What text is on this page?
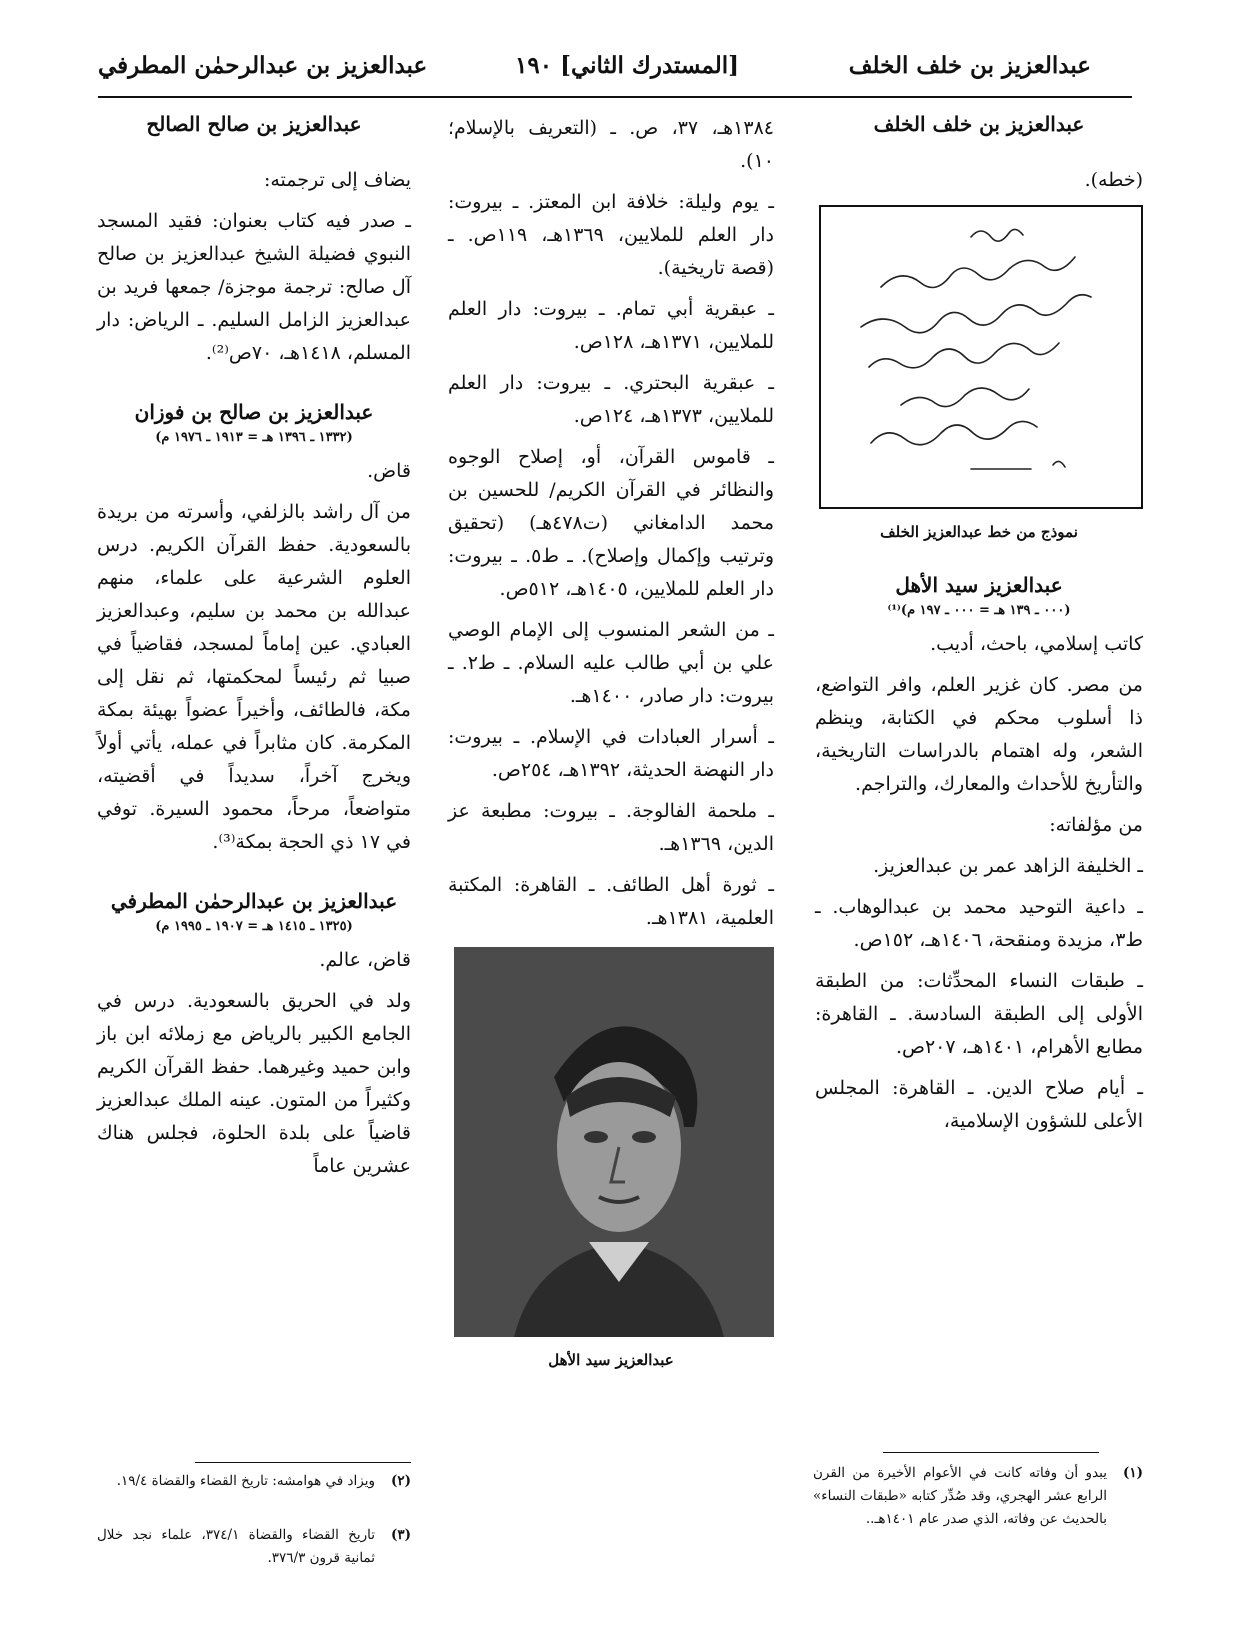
عبدالعزيز بن خلف الخلف
[المستدرك الثاني] ١٩٠
عبدالعزيز بن عبدالرحمٰن المطرفي
عبدالعزيز بن خلف الخلف
(خطه).
نموذج من خط عبدالعزيز الخلف
عبدالعزيز سيد الأهل
(٠٠٠ ـ ١٣٩ هـ = ٠٠٠ ـ ١٩٧ م)⁽¹⁾
كاتب إسلامي، باحث، أديب.
من مصر. كان غزير العلم، وافر التواضع، ذا أسلوب محكم في الكتابة، وينظم الشعر، وله اهتمام بالدراسات التاريخية، والتأريخ للأحداث والمعارك، والتراجم.
من مؤلفاته:
ـ الخليفة الزاهد عمر بن عبدالعزيز.
ـ داعية التوحيد محمد بن عبدالوهاب. ـ ط٣، مزيدة ومنقحة، ١٤٠٦هـ، ١٥٢ص.
ـ طبقات النساء المحدِّثات: من الطبقة الأولى إلى الطبقة السادسة. ـ القاهرة: مطابع الأهرام، ١٤٠١هـ، ٢٠٧ص.
ـ أيام صلاح الدين. ـ القاهرة: المجلس الأعلى للشؤون الإسلامية،
١٣٨٤هـ، ٣٧، ص. ـ (التعريف بالإسلام؛ ١٠).
ـ يوم وليلة: خلافة ابن المعتز. ـ بيروت: دار العلم للملايين، ١٣٦٩هـ، ١١٩ص. ـ (قصة تاريخية).
ـ عبقرية أبي تمام. ـ بيروت: دار العلم للملايين، ١٣٧١هـ، ١٢٨ص.
ـ عبقرية البحتري. ـ بيروت: دار العلم للملايين، ١٣٧٣هـ، ١٢٤ص.
ـ قاموس القرآن، أو، إصلاح الوجوه والنظائر في القرآن الكريم/ للحسين بن محمد الدامغاني (ت٤٧٨هـ) (تحقيق وترتيب وإكمال وإصلاح). ـ ط٥. ـ بيروت: دار العلم للملايين، ١٤٠٥هـ، ٥١٢ص.
ـ من الشعر المنسوب إلى الإمام الوصي علي بن أبي طالب عليه السلام. ـ ط٢. ـ بيروت: دار صادر، ١٤٠٠هـ.
ـ أسرار العبادات في الإسلام. ـ بيروت: دار النهضة الحديثة، ١٣٩٢هـ، ٢٥٤ص.
ـ ملحمة الفالوجة. ـ بيروت: مطبعة عز الدين، ١٣٦٩هـ.
ـ ثورة أهل الطائف. ـ القاهرة: المكتبة العلمية، ١٣٨١هـ.
عبدالعزيز سيد الأهل
عبدالعزيز بن صالح الصالح
يضاف إلى ترجمته:
ـ صدر فيه كتاب بعنوان: فقيد المسجد النبوي فضيلة الشيخ عبدالعزيز بن صالح آل صالح: ترجمة موجزة/ جمعها فريد بن عبدالعزيز الزامل السليم. ـ الرياض: دار المسلم، ١٤١٨هـ، ٧٠ص⁽²⁾.
عبدالعزيز بن صالح بن فوزان
(١٣٣٢ ـ ١٣٩٦ هـ = ١٩١٣ ـ ١٩٧٦ م)
قاض.
من آل راشد بالزلفي، وأسرته من بريدة بالسعودية. حفظ القرآن الكريم. درس العلوم الشرعية على علماء، منهم عبدالله بن محمد بن سليم، وعبدالعزيز العبادي. عين إماماً لمسجد، فقاضياً في صبيا ثم رئيساً لمحكمتها، ثم نقل إلى مكة، فالطائف، وأخيراً عضواً بهيئة بمكة المكرمة. كان مثابراً في عمله، يأتي أولاً ويخرج آخراً، سديداً في أقضيته، متواضعاً، مرحاً، محمود السيرة. توفي في ١٧ ذي الحجة بمكة⁽³⁾.
عبدالعزيز بن عبدالرحمٰن المطرفي
(١٣٢٥ ـ ١٤١٥ هـ = ١٩٠٧ ـ ١٩٩٥ م)
قاض، عالم.
ولد في الحريق بالسعودية. درس في الجامع الكبير بالرياض مع زملائه ابن باز وابن حميد وغيرهما. حفظ القرآن الكريم وكثيراً من المتون. عينه الملك عبدالعزيز قاضياً على بلدة الحلوة، فجلس هناك عشرين عاماً
(١)
يبدو أن وفاته كانت في الأعوام الأخيرة من القرن الرابع عشر الهجري، وقد صُدِّر كتابه «طبقات النساء» بالحديث عن وفاته، الذي صدر عام ١٤٠١هـ..
(٢)
ويزاد في هوامشه: تاريخ القضاء والقضاة ١٩/٤.
(٣)
تاريخ القضاء والقضاة ٣٧٤/١، علماء نجد خلال ثمانية قرون ٣٧٦/٣.
